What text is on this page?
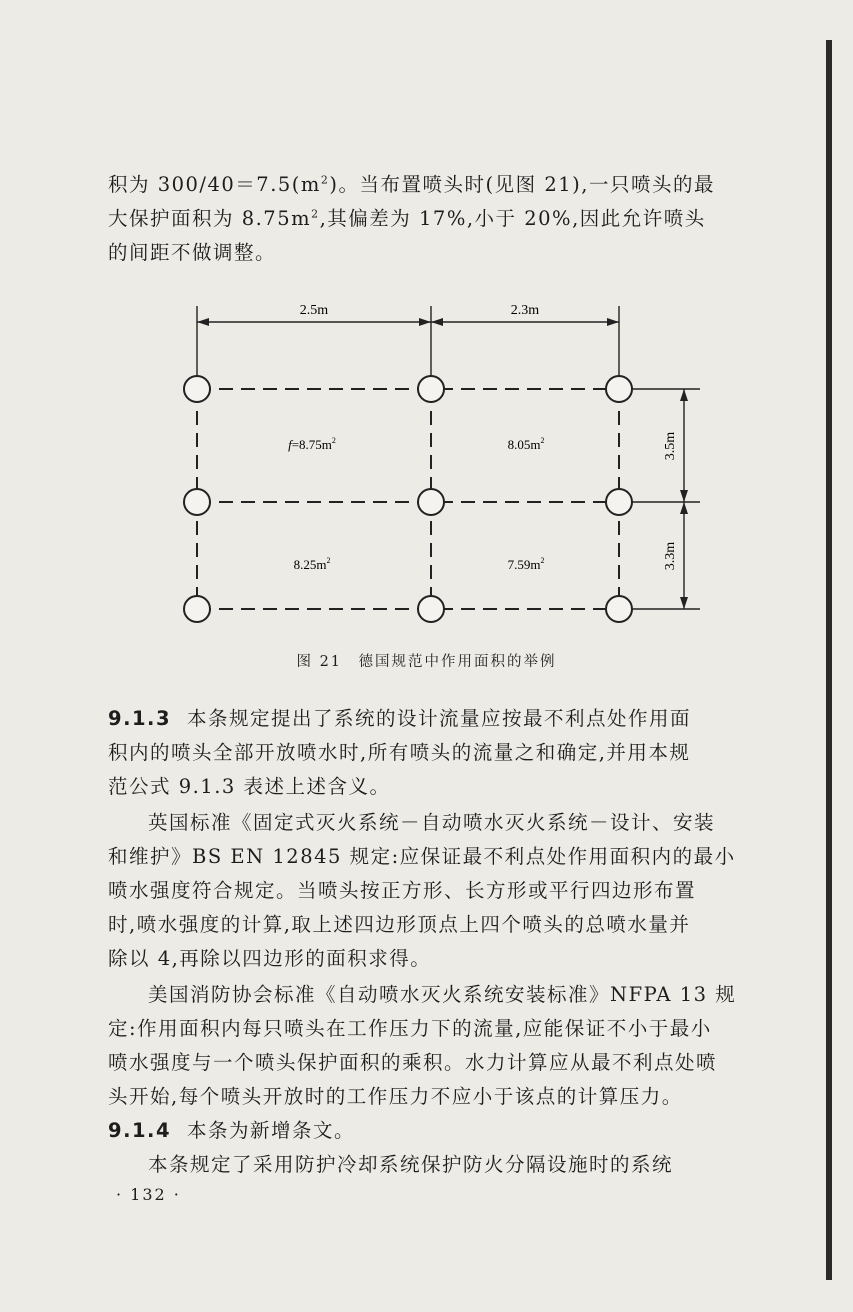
积为 $300/40=7.5(m^2)$。当布置喷头时(见图 21),一只喷头的最
大保护面积为 $8.75m^2$,其偏差为 17%,小于 20%,因此允许喷头
的间距不做调整。
2.5m	2.3m
3.5m
3.3m
$f=8.75m^2$	$8.05m^2$
$8.25m^2$	$7.59m^2$
图 21　德国规范中作用面积的举例
9.1.3 本条规定提出了系统的设计流量应按最不利点处作用面
积内的喷头全部开放喷水时,所有喷头的流量之和确定,并用本规
范公式 9.1.3 表述上述含义。
英国标准《固定式灭火系统－自动喷水灭火系统－设计、安装
和维护》BS EN 12845 规定:应保证最不利点处作用面积内的最小
喷水强度符合规定。当喷头按正方形、长方形或平行四边形布置
时,喷水强度的计算,取上述四边形顶点上四个喷头的总喷水量并
除以 4,再除以四边形的面积求得。
美国消防协会标准《自动喷水灭火系统安装标准》NFPA 13 规
定:作用面积内每只喷头在工作压力下的流量,应能保证不小于最小
喷水强度与一个喷头保护面积的乘积。水力计算应从最不利点处喷
头开始,每个喷头开放时的工作压力不应小于该点的计算压力。
9.1.4 本条为新增条文。
本条规定了采用防护冷却系统保护防火分隔设施时的系统
· 132 ·
